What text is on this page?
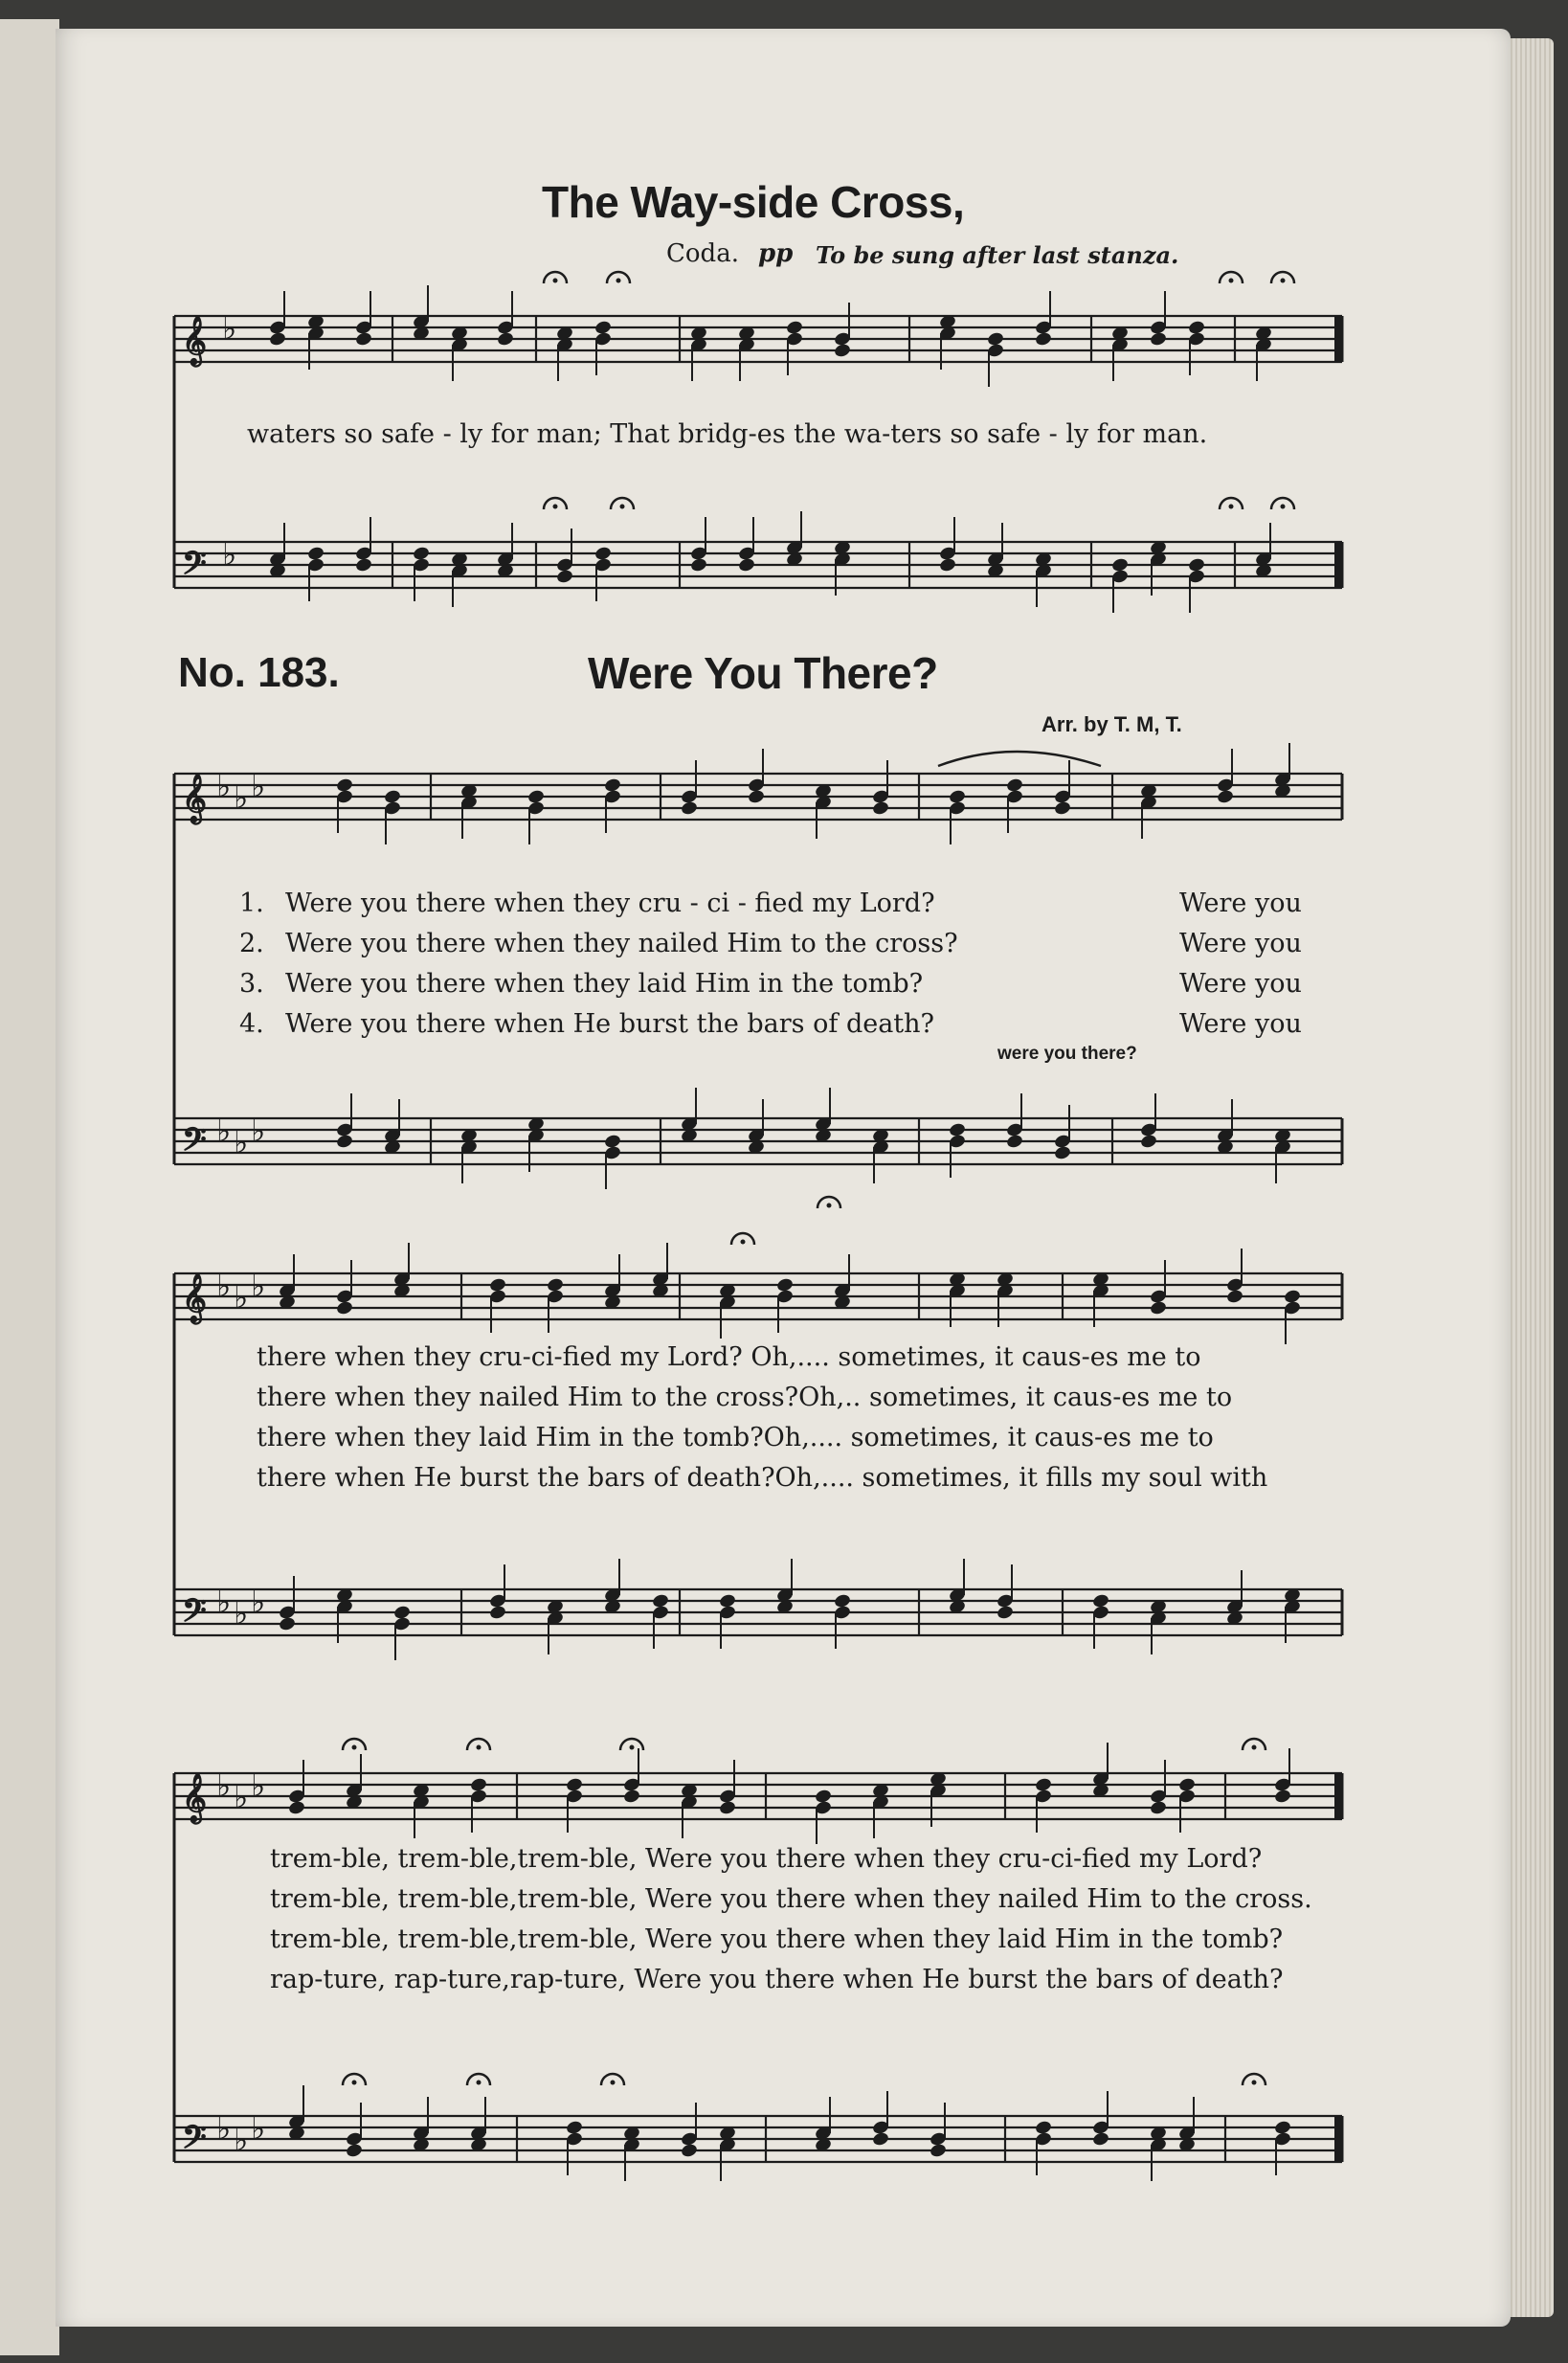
𝄞
𝄢
♭
♭
𝄞
𝄢
♭ ♭ ♭
♭ ♭ ♭
𝄞
𝄢
♭ ♭ ♭
♭ ♭ ♭
𝄞
𝄢
♭ ♭ ♭
♭ ♭ ♭
The Way-side Cross,
Coda. pp To be sung after last stanza.
waters so safe - ly for man; That bridg-es the wa-ters so safe - ly for man.
No. 183.	Were You There?
Arr. by T. M, T.
1. Were you there when they cru - ci - fied my Lord?	Were you
2. Were you there when they nailed Him to the cross?	Were you
3. Were you there when they laid Him in the tomb?	Were you
4. Were you there when He burst the bars of death?	Were you
were you there?
there when they cru-ci-fied my Lord? Oh,.... sometimes, it caus-es me to
there when they nailed Him to the cross?Oh,.. sometimes, it caus-es me to
there when they laid Him in the tomb?Oh,.... sometimes, it caus-es me to
there when He burst the bars of death?Oh,.... sometimes, it fills my soul with
trem-ble, trem-ble,trem-ble, Were you there when they cru-ci-fied my Lord?
trem-ble, trem-ble,trem-ble, Were you there when they nailed Him to the cross.
trem-ble, trem-ble,trem-ble, Were you there when they laid Him in the tomb?
rap-ture, rap-ture,rap-ture, Were you there when He burst the bars of death?
